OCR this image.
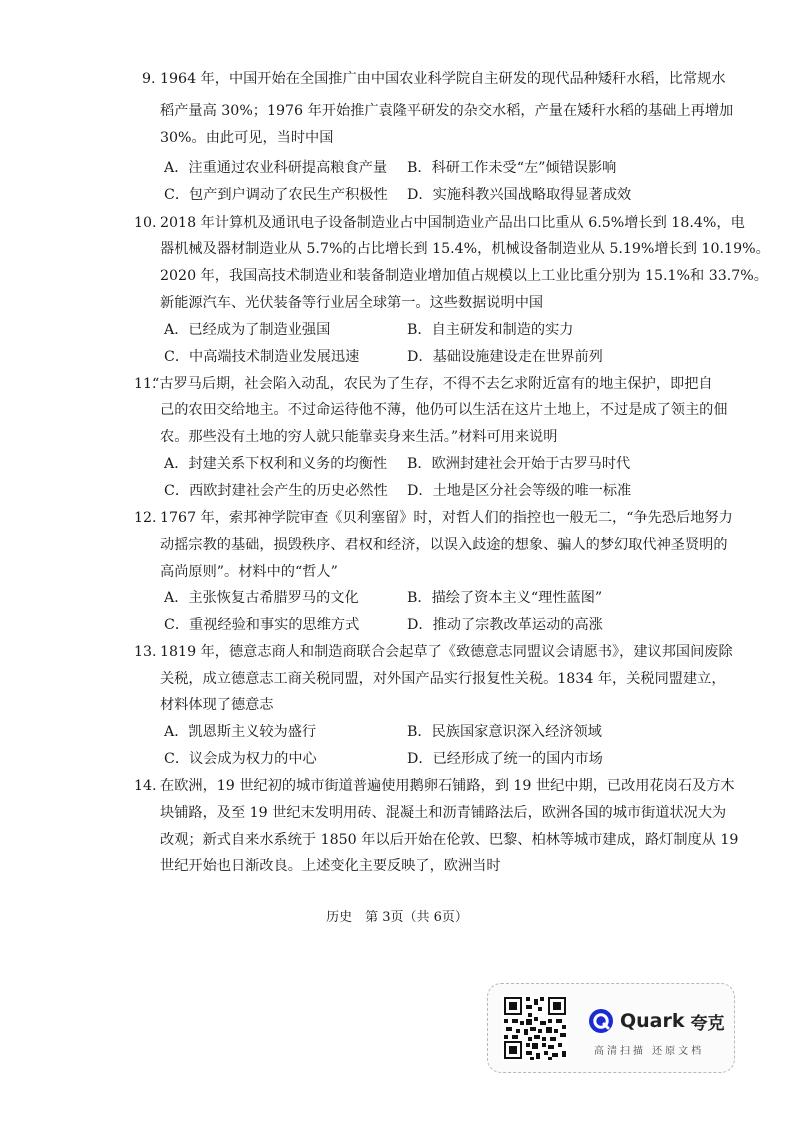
9. 1964 年，中国开始在全国推广由中国农业科学院自主研发的现代品种矮秆水稻，比常规水
稻产量高 30%；1976 年开始推广袁隆平研发的杂交水稻，产量在矮秆水稻的基础上再增加
30%。由此可见，当时中国
A．注重通过农业科研提高粮食产量 B．科研工作未受“左”倾错误影响
C．包产到户调动了农民生产积极性 D．实施科教兴国战略取得显著成效
10. 2018 年计算机及通讯电子设备制造业占中国制造业产品出口比重从 6.5%增长到 18.4%，电
器机械及器材制造业从 5.7%的占比增长到 15.4%，机械设备制造业从 5.19%增长到 10.19%。
2020 年，我国高技术制造业和装备制造业增加值占规模以上工业比重分别为 15.1%和 33.7%。
新能源汽车、光伏装备等行业居全球第一。这些数据说明中国
A．已经成为了制造业强国	B．自主研发和制造的实力
C．中高端技术制造业发展迅速	D．基础设施建设走在世界前列
11.
“古罗马后期，社会陷入动乱，农民为了生存，不得不去乞求附近富有的地主保护，即把自
己的农田交给地主。不过命运待他不薄，他仍可以生活在这片土地上，不过是成了领主的佃
农。那些没有土地的穷人就只能靠卖身来生活。”材料可用来说明
A．封建关系下权利和义务的均衡性 B．欧洲封建社会开始于古罗马时代
C．西欧封建社会产生的历史必然性 D．土地是区分社会等级的唯一标准
12. 1767 年，索邦神学院审查《贝利塞留》时，对哲人们的指控也一般无二，“争先恐后地努力
动摇宗教的基础，损毁秩序、君权和经济，以误入歧途的想象、骗人的梦幻取代神圣贤明的
高尚原则”。材料中的“哲人”
A．主张恢复古希腊罗马的文化	B．描绘了资本主义“理性蓝图”
C．重视经验和事实的思维方式	D．推动了宗教改革运动的高涨
13. 1819 年，德意志商人和制造商联合会起草了《致德意志同盟议会请愿书》，建议邦国间废除
关税，成立德意志工商关税同盟，对外国产品实行报复性关税。1834 年，关税同盟建立，
材料体现了德意志
A．凯恩斯主义较为盛行	B．民族国家意识深入经济领域
C．议会成为权力的中心	D．已经形成了统一的国内市场
14. 在欧洲，19 世纪初的城市街道普遍使用鹅卵石铺路，到 19 世纪中期，已改用花岗石及方木
块铺路，及至 19 世纪末发明用砖、混凝土和沥青铺路法后，欧洲各国的城市街道状况大为
改观；新式自来水系统于 1850 年以后开始在伦敦、巴黎、柏林等城市建成，路灯制度从 19
世纪开始也日渐改良。上述变化主要反映了，欧洲当时
历史　第 3页（共 6页）
Quark 夸克
高清扫描 还原文档
